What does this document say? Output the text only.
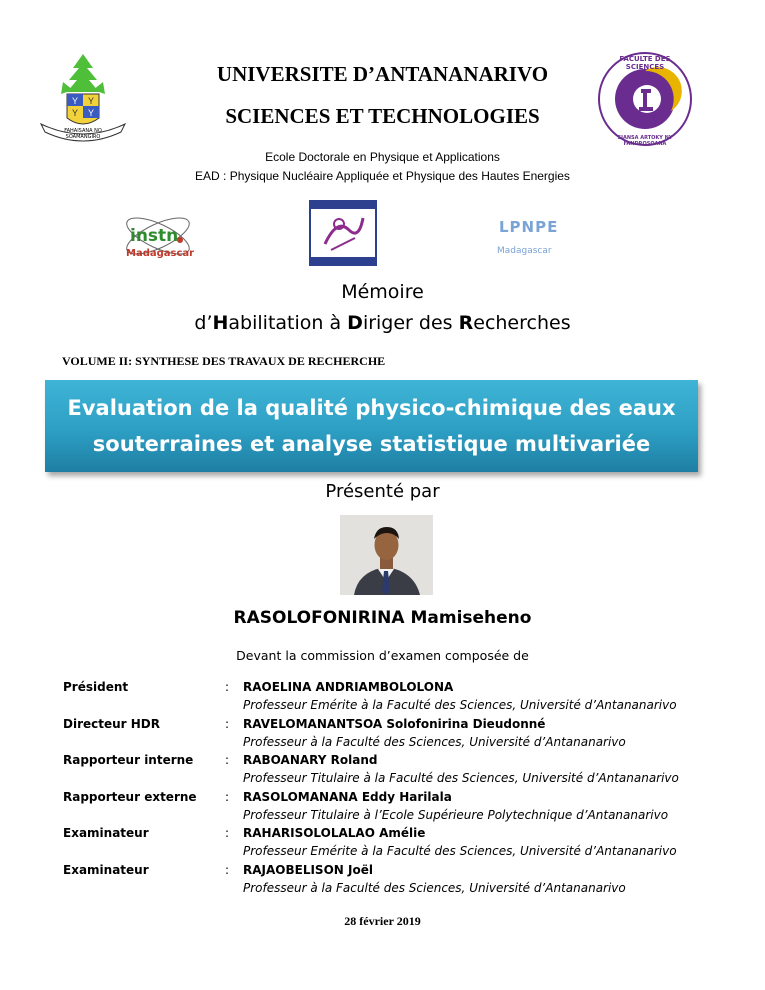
Y Y
Y Y
FAHAISANA NO SOAMANGIRO
FACULTE DES SCIENCES
SIANSA ARTOKY NY FANDROSOANA
UNIVERSITE D’ANTANANARIVO
SCIENCES ET TECHNOLOGIES
Ecole Doctorale en Physique et Applications
EAD : Physique Nucléaire Appliquée et Physique des Hautes Energies
instn
Madagascar
LPNPE
Madagascar
Mémoire
d’Habilitation à Diriger des Recherches
VOLUME II: SYNTHESE DES TRAVAUX DE RECHERCHE
Evaluation de la qualité physico-chimique des eaux
souterraines et analyse statistique multivariée
Présenté par
RASOLOFONIRINA Mamiseheno
Devant la commission d’examen composée de
Président	: RAOELINA ANDRIAMBOLOLONA
Professeur Emérite à la Faculté des Sciences, Université d’Antananarivo
Directeur HDR	: RAVELOMANANTSOA Solofonirina Dieudonné
Professeur à la Faculté des Sciences, Université d’Antananarivo
Rapporteur interne	: RABOANARY Roland
Professeur Titulaire à la Faculté des Sciences, Université d’Antananarivo
Rapporteur externe : RASOLOMANANA Eddy Harilala
Professeur Titulaire à l’Ecole Supérieure Polytechnique d’Antananarivo
Examinateur	: RAHARISOLOLALAO Amélie
Professeur Emérite à la Faculté des Sciences, Université d’Antananarivo
Examinateur	: RAJAOBELISON Joël
Professeur à la Faculté des Sciences, Université d’Antananarivo
28 février 2019
